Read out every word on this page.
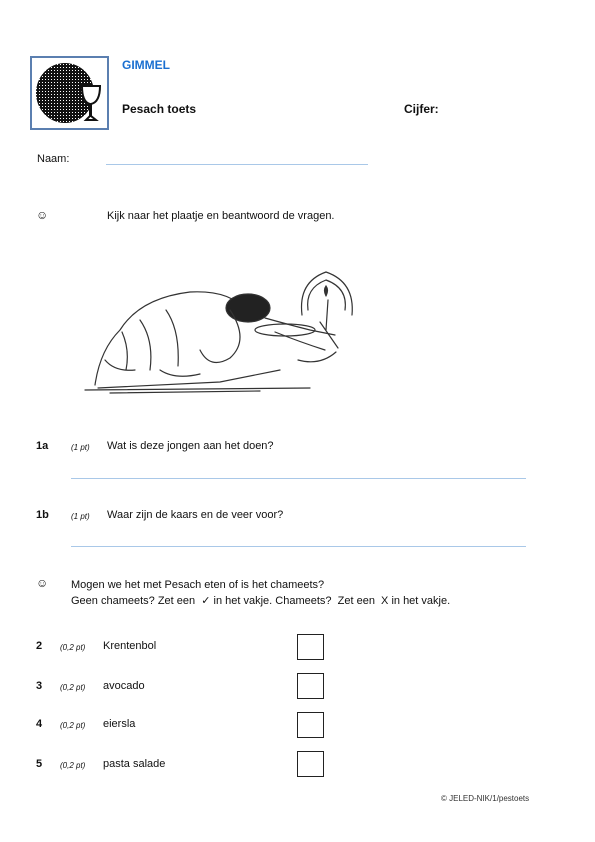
GIMMEL
Pesach toets	Cijfer:
Naam:
☺	Kijk naar het plaatje en beantwoord de vragen.
1a	(1 pt) Wat is deze jongen aan het doen?
1b	(1 pt) Waar zijn de kaars en de veer voor?
☺ Mogen we het met Pesach eten of is het chameets?
Geen chameets? Zet een  ✓ in het vakje. Chameets?  Zet een  X in het vakje.
2 (0,2 pt) Krentenbol
3 (0,2 pt) avocado
4 (0,2 pt) eiersla
5 (0,2 pt) pasta salade
© JELED-NIK/1/pestoets
